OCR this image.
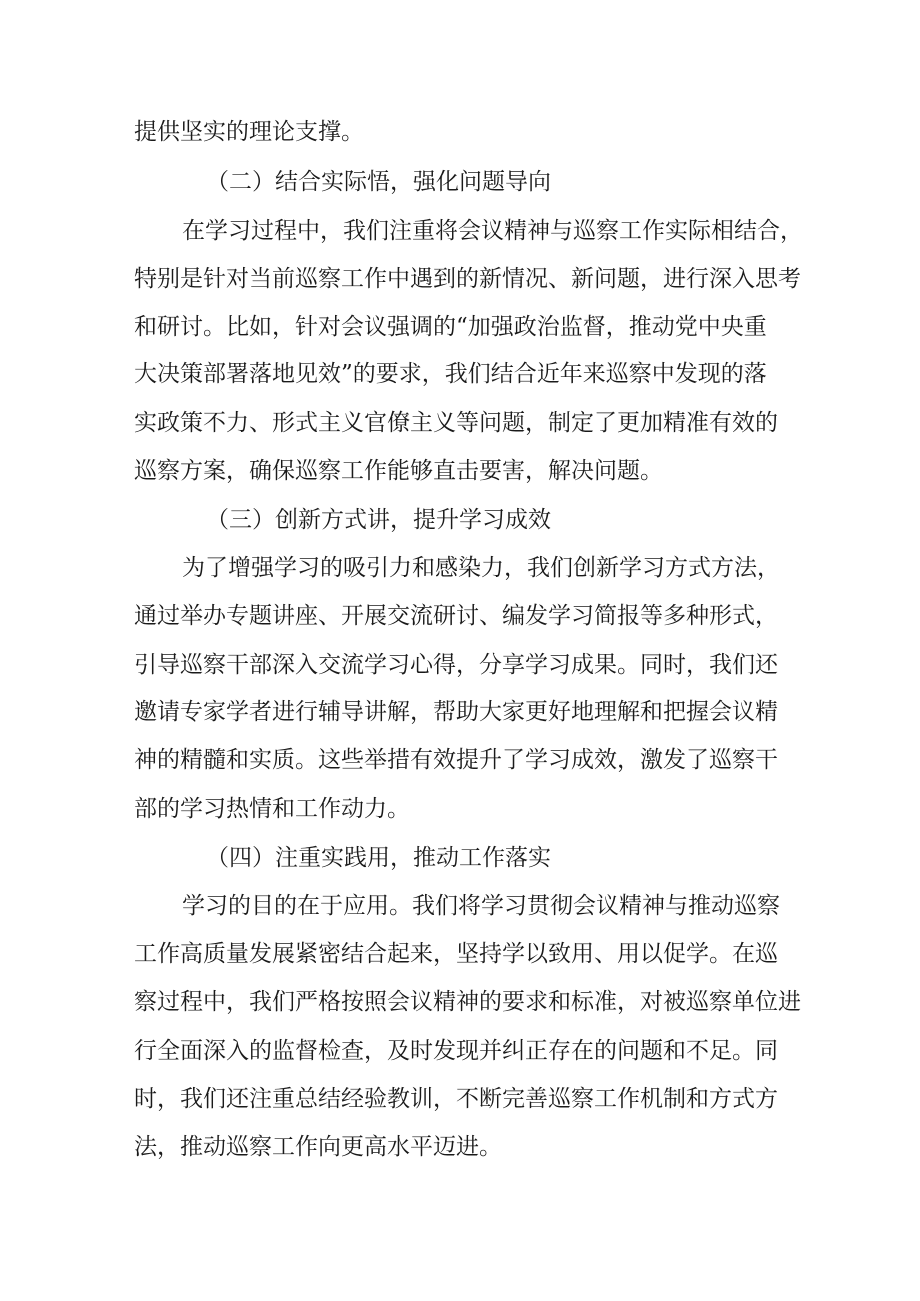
提供坚实的理论支撑。
（二）结合实际悟，强化问题导向
在学习过程中，我们注重将会议精神与巡察工作实际相结合，
特别是针对当前巡察工作中遇到的新情况、新问题，进行深入思考
和研讨。比如，针对会议强调的“加强政治监督，推动党中央重
大决策部署落地见效”的要求，我们结合近年来巡察中发现的落
实政策不力、形式主义官僚主义等问题，制定了更加精准有效的
巡察方案，确保巡察工作能够直击要害，解决问题。
（三）创新方式讲，提升学习成效
为了增强学习的吸引力和感染力，我们创新学习方式方法，
通过举办专题讲座、开展交流研讨、编发学习简报等多种形式，
引导巡察干部深入交流学习心得，分享学习成果。同时，我们还
邀请专家学者进行辅导讲解，帮助大家更好地理解和把握会议精
神的精髓和实质。这些举措有效提升了学习成效，激发了巡察干
部的学习热情和工作动力。
（四）注重实践用，推动工作落实
学习的目的在于应用。我们将学习贯彻会议精神与推动巡察
工作高质量发展紧密结合起来，坚持学以致用、用以促学。在巡
察过程中，我们严格按照会议精神的要求和标准，对被巡察单位进
行全面深入的监督检查，及时发现并纠正存在的问题和不足。同
时，我们还注重总结经验教训，不断完善巡察工作机制和方式方
法，推动巡察工作向更高水平迈进。
